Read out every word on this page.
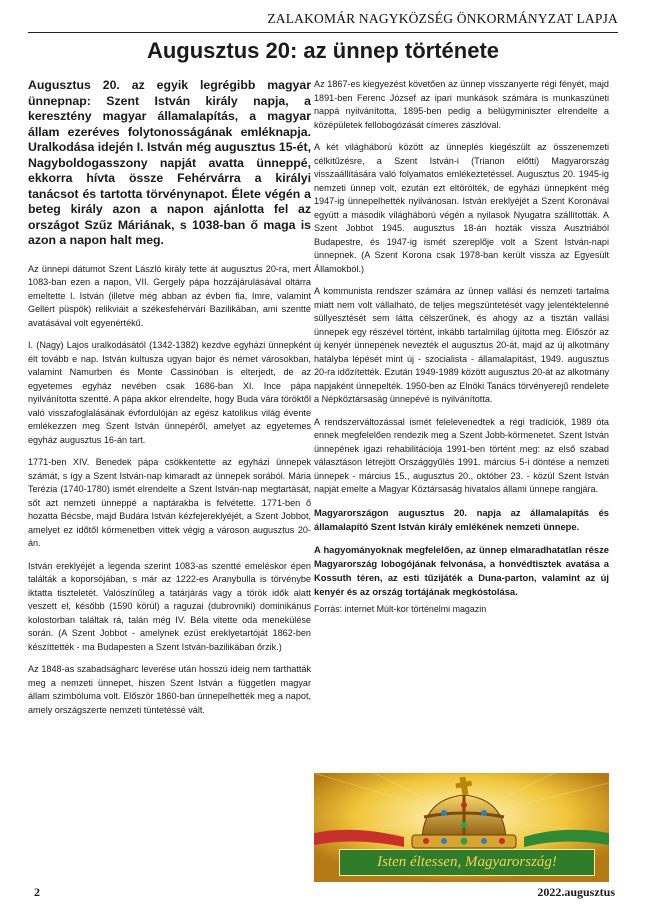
ZALAKOMÁR NAGYKÖZSÉG ÖNKORMÁNYZAT LAPJA
Augusztus 20: az ünnep története

Augusztus 20. az egyik legrégibb magyar ünnepnap: Szent István király napja, a keresztény magyar államalapítás, a magyar állam ezeréves folytonosságának emléknapja. Uralkodása idején I. István még augusztus 15-ét, Nagyboldogasszony napját avatta ünneppé, ekkorra hívta össze Fehérvárra a királyi tanácsot és tartotta törvénynapot. Élete végén a beteg király azon a napon ajánlotta fel az országot Szűz Máriának, s 1038-ban ő maga is azon a napon halt meg.

Az ünnepi dátumot Szent László király tette át augusztus 20-ra, mert 1083-ban ezen a napon, VII. Gergely pápa hozzájárulásával oltárra emeltette I. István (illetve még abban az évben fia, Imre, valamint Gellért püspök) relikviáit a székesfehérvári Bazilikában, ami szentté avatásával volt egyenértékű.

I. (Nagy) Lajos uralkodásától (1342-1382) kezdve egyházi ünnepként élt tovább e nap. István kultusza ugyan bajor és német városokban, valamint Namurben és Monte Cassinóban is elterjedt, de az egyetemes egyház nevében csak 1686-ban XI. Ince pápa nyilvánította szentté. A pápa akkor elrendelte, hogy Buda vára töröktől való visszafoglalásának évfordulóján az egész katolikus világ évente emlékezzen meg Szent István ünnepéről, amelyet az egyetemes egyház augusztus 16-án tart.

1771-ben XIV. Benedek pápa csökkentette az egyházi ünnepek számát, s így a Szent István-nap kimaradt az ünnepek sorából. Mária Terézia (1740-1780) ismét elrendelte a Szent István-nap megtartását, sőt azt nemzeti ünneppé a naptárakba is felvétette. 1771-ben ő hozatta Bécsbe, majd Budára István kézfejereklyéjét, a Szent Jobbot, amelyet ez időtől körmenetben vittek végig a városon augusztus 20-án.

István ereklyéjét a legenda szerint 1083-as szentté emeléskor épen találták a koporsójában, s már az 1222-es Aranybulla is törvénybe iktatta tiszteletét. Valószínűleg a tatárjárás vagy a török idők alatt veszett el, később (1590 körül) a raguzai (dubrovniki) dominikánus kolostorban találtak rá, talán még IV. Béla vitette oda menekülése során. (A Szent Jobbot - amelynek ezüst ereklyetartóját 1862-ben készíttették - ma Budapesten a Szent István-bazilikában őrzik.)

Az 1848-as szabadságharc leverése után hosszú ideig nem tarthatták meg a nemzeti ünnepet, hiszen Szent István a független magyar állam szimbóluma volt. Először 1860-ban ünnepelhették meg a napot, amely országszerte nemzeti tüntetéssé vált.

Az 1867-es kiegyezést követően az ünnep visszanyerte régi fényét, majd 1891-ben Ferenc József az ipari munkások számára is munkaszüneti nappá nyilvánította, 1895-ben pedig a belügyminiszter elrendelte a középületek fellobogózását címeres zászlóval.

A két világháború között az ünneplés kiegészült az összenemzeti célkitűzésre, a Szent István-i (Trianon előtti) Magyarország visszaállítására való folyamatos emlékeztetéssel. Augusztus 20. 1945-ig nemzeti ünnep volt, ezután ezt eltörölték, de egyházi ünnepként még 1947-ig ünnepelhették nyilvánosan. István ereklyéjét a Szent Koronával együtt a második világháború végén a nyilasok Nyugatra szállították. A Szent Jobbot 1945. augusztus 18-án hozták vissza Ausztriából Budapestre, és 1947-ig ismét szereplője volt a Szent István-napi ünnepnek. (A Szent Korona csak 1978-ban került vissza az Egyesült Államokból.)

A kommunista rendszer számára az ünnep vallási és nemzeti tartalma miatt nem volt vállalható, de teljes megszüntetését vagy jelentéktelenné süllyesztését sem látta célszerűnek, és ahogy az a tisztán vallási ünnepek egy részével történt, inkább tartalmilag újította meg. Először az új kenyér ünnepének nevezték el augusztus 20-át, majd az új alkotmány hatályba lépését mint új - szocialista - államalapítást, 1949. augusztus 20-ra időzítették. Ezután 1949-1989 között augusztus 20-át az alkotmány napjaként ünnepelték. 1950-ben az Elnöki Tanács törvényerejű rendelete a Népköztársaság ünnepévé is nyilvánította.

A rendszerváltozással ismét felelevenedtek a régi tradíciók, 1989 óta ennek megfelelően rendezik meg a Szent Jobb-körmenetet. Szent István ünnepének igazi rehabilitációja 1991-ben történt meg: az első szabad választáson létrejött Országgyűlés 1991. március 5-i döntése a nemzeti ünnepek - március 15., augusztus 20., október 23. - közül Szent István napját emelte a Magyar Köztársaság hivatalos állami ünnepe rangjára.

Magyarországon augusztus 20. napja az államalapítás és államalapító Szent István király emlékének nemzeti ünnepe.

A hagyományoknak megfelelően, az ünnep elmaradhatatlan része Magyarország lobogójának felvonása, a honvédtisztek avatása a Kossuth téren, az esti tűzijáték a Duna-parton, valamint az új kenyér és az ország tortájának megkóstolása.

Forrás: internet Múlt-kor történelmi magazin

Isten éltessen, Magyarország!
2	2022.augusztus
